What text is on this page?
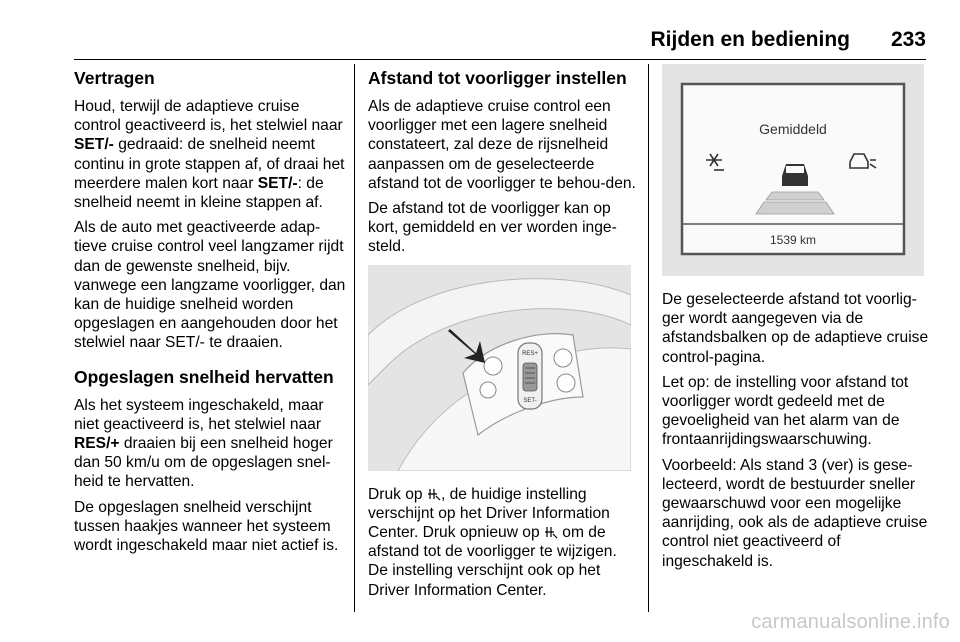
Rijden en bediening 233
Vertragen

Houd, terwijl de adaptieve cruise control geactiveerd is, het stelwiel naar SET/- gedraaid: de snelheid neemt continu in grote stappen af, of draai het meerdere malen kort naar SET/-: de snelheid neemt in kleine stappen af.

Als de auto met geactiveerde adap-tieve cruise control veel langzamer rijdt dan de gewenste snelheid, bijv. vanwege een langzame voorligger, dan kan de huidige snelheid worden opgeslagen en aangehouden door het stelwiel naar SET/- te draaien.

Opgeslagen snelheid hervatten

Als het systeem ingeschakeld, maar niet geactiveerd is, het stelwiel naar RES/+ draaien bij een snelheid hoger dan 50 km/u om de opgeslagen snel-heid te hervatten.

De opgeslagen snelheid verschijnt tussen haakjes wanneer het systeem wordt ingeschakeld maar niet actief is.

Afstand tot voorligger instellen

Als de adaptieve cruise control een voorligger met een lagere snelheid constateert, zal deze de rijsnelheid aanpassen om de geselecteerde afstand tot de voorligger te behou-den.

De afstand tot de voorligger kan op kort, gemiddeld en ver worden inge-steld.

RES+
SET-

Druk op , de huidige instelling verschijnt op het Driver Information Center. Druk opnieuw op  om de afstand tot de voorligger te wijzigen. De instelling verschijnt ook op het Driver Information Center.

Gemiddeld
1539 km

De geselecteerde afstand tot voorlig-ger wordt aangegeven via de afstandsbalken op de adaptieve cruise control-pagina.

Let op: de instelling voor afstand tot voorligger wordt gedeeld met de gevoeligheid van het alarm van de frontaanrijdingswaarschuwing.

Voorbeeld: Als stand 3 (ver) is gese-lecteerd, wordt de bestuurder sneller gewaarschuwd voor een mogelijke aanrijding, ook als de adaptieve cruise control niet geactiveerd of ingeschakeld is.

carmanualsonline.info
